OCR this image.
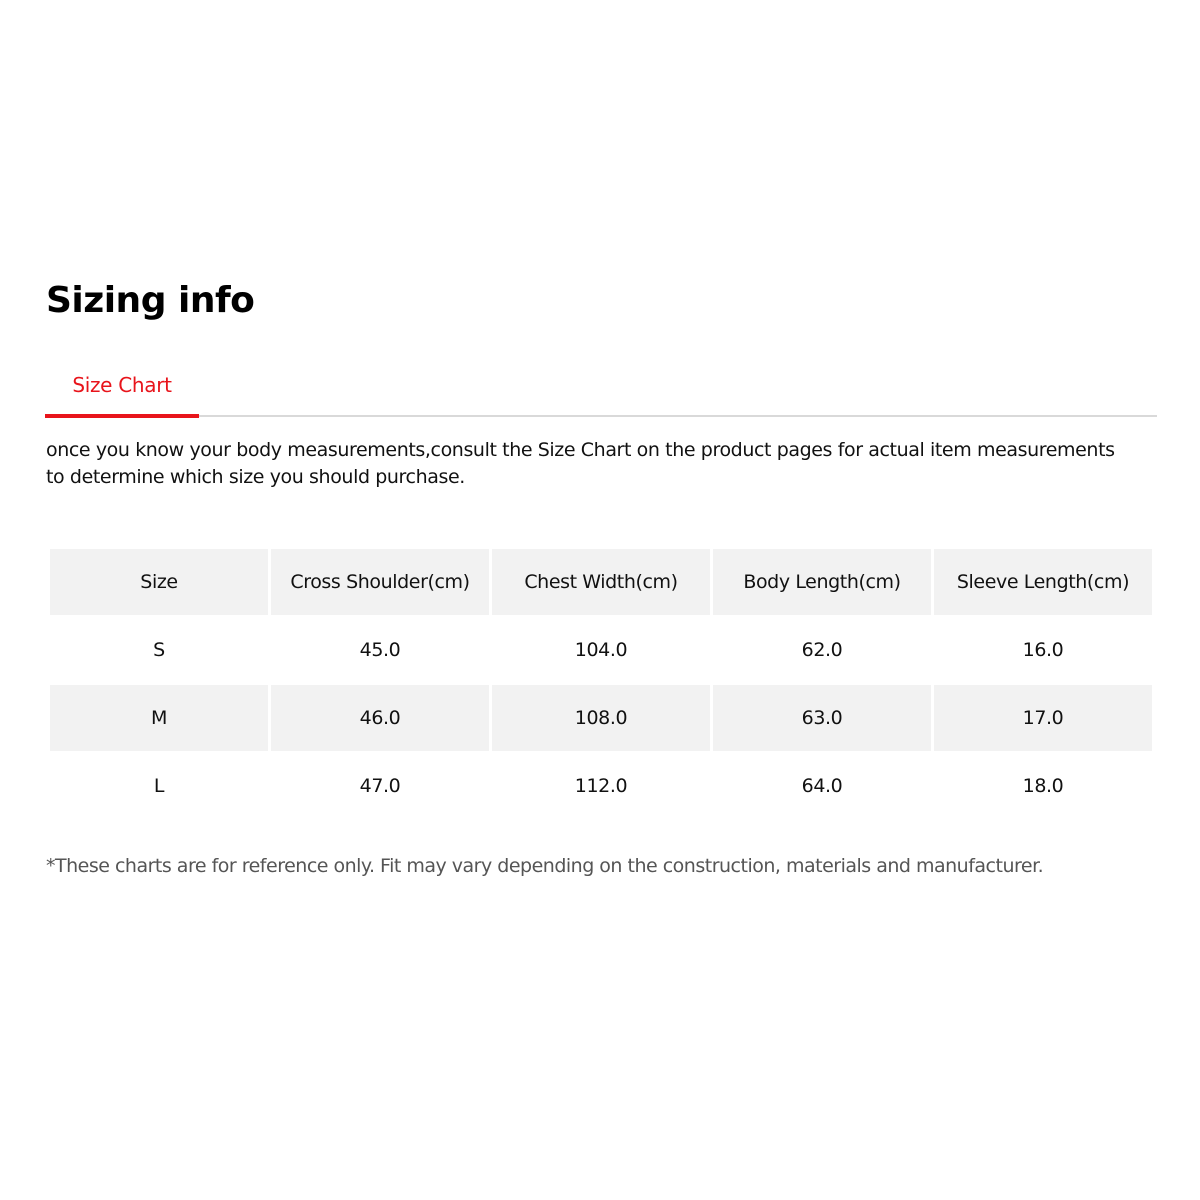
Sizing info
Size Chart

once you know your body measurements,consult the Size Chart on the product pages for actual item measurements to determine which size you should purchase.

Size	Cross Shoulder(cm)	Chest Width(cm)	Body Length(cm)	Sleeve Length(cm)
S	45.0	104.0	62.0	16.0
M	46.0	108.0	63.0	17.0
L	47.0	112.0	64.0	18.0

*These charts are for reference only. Fit may vary depending on the construction, materials and manufacturer.
